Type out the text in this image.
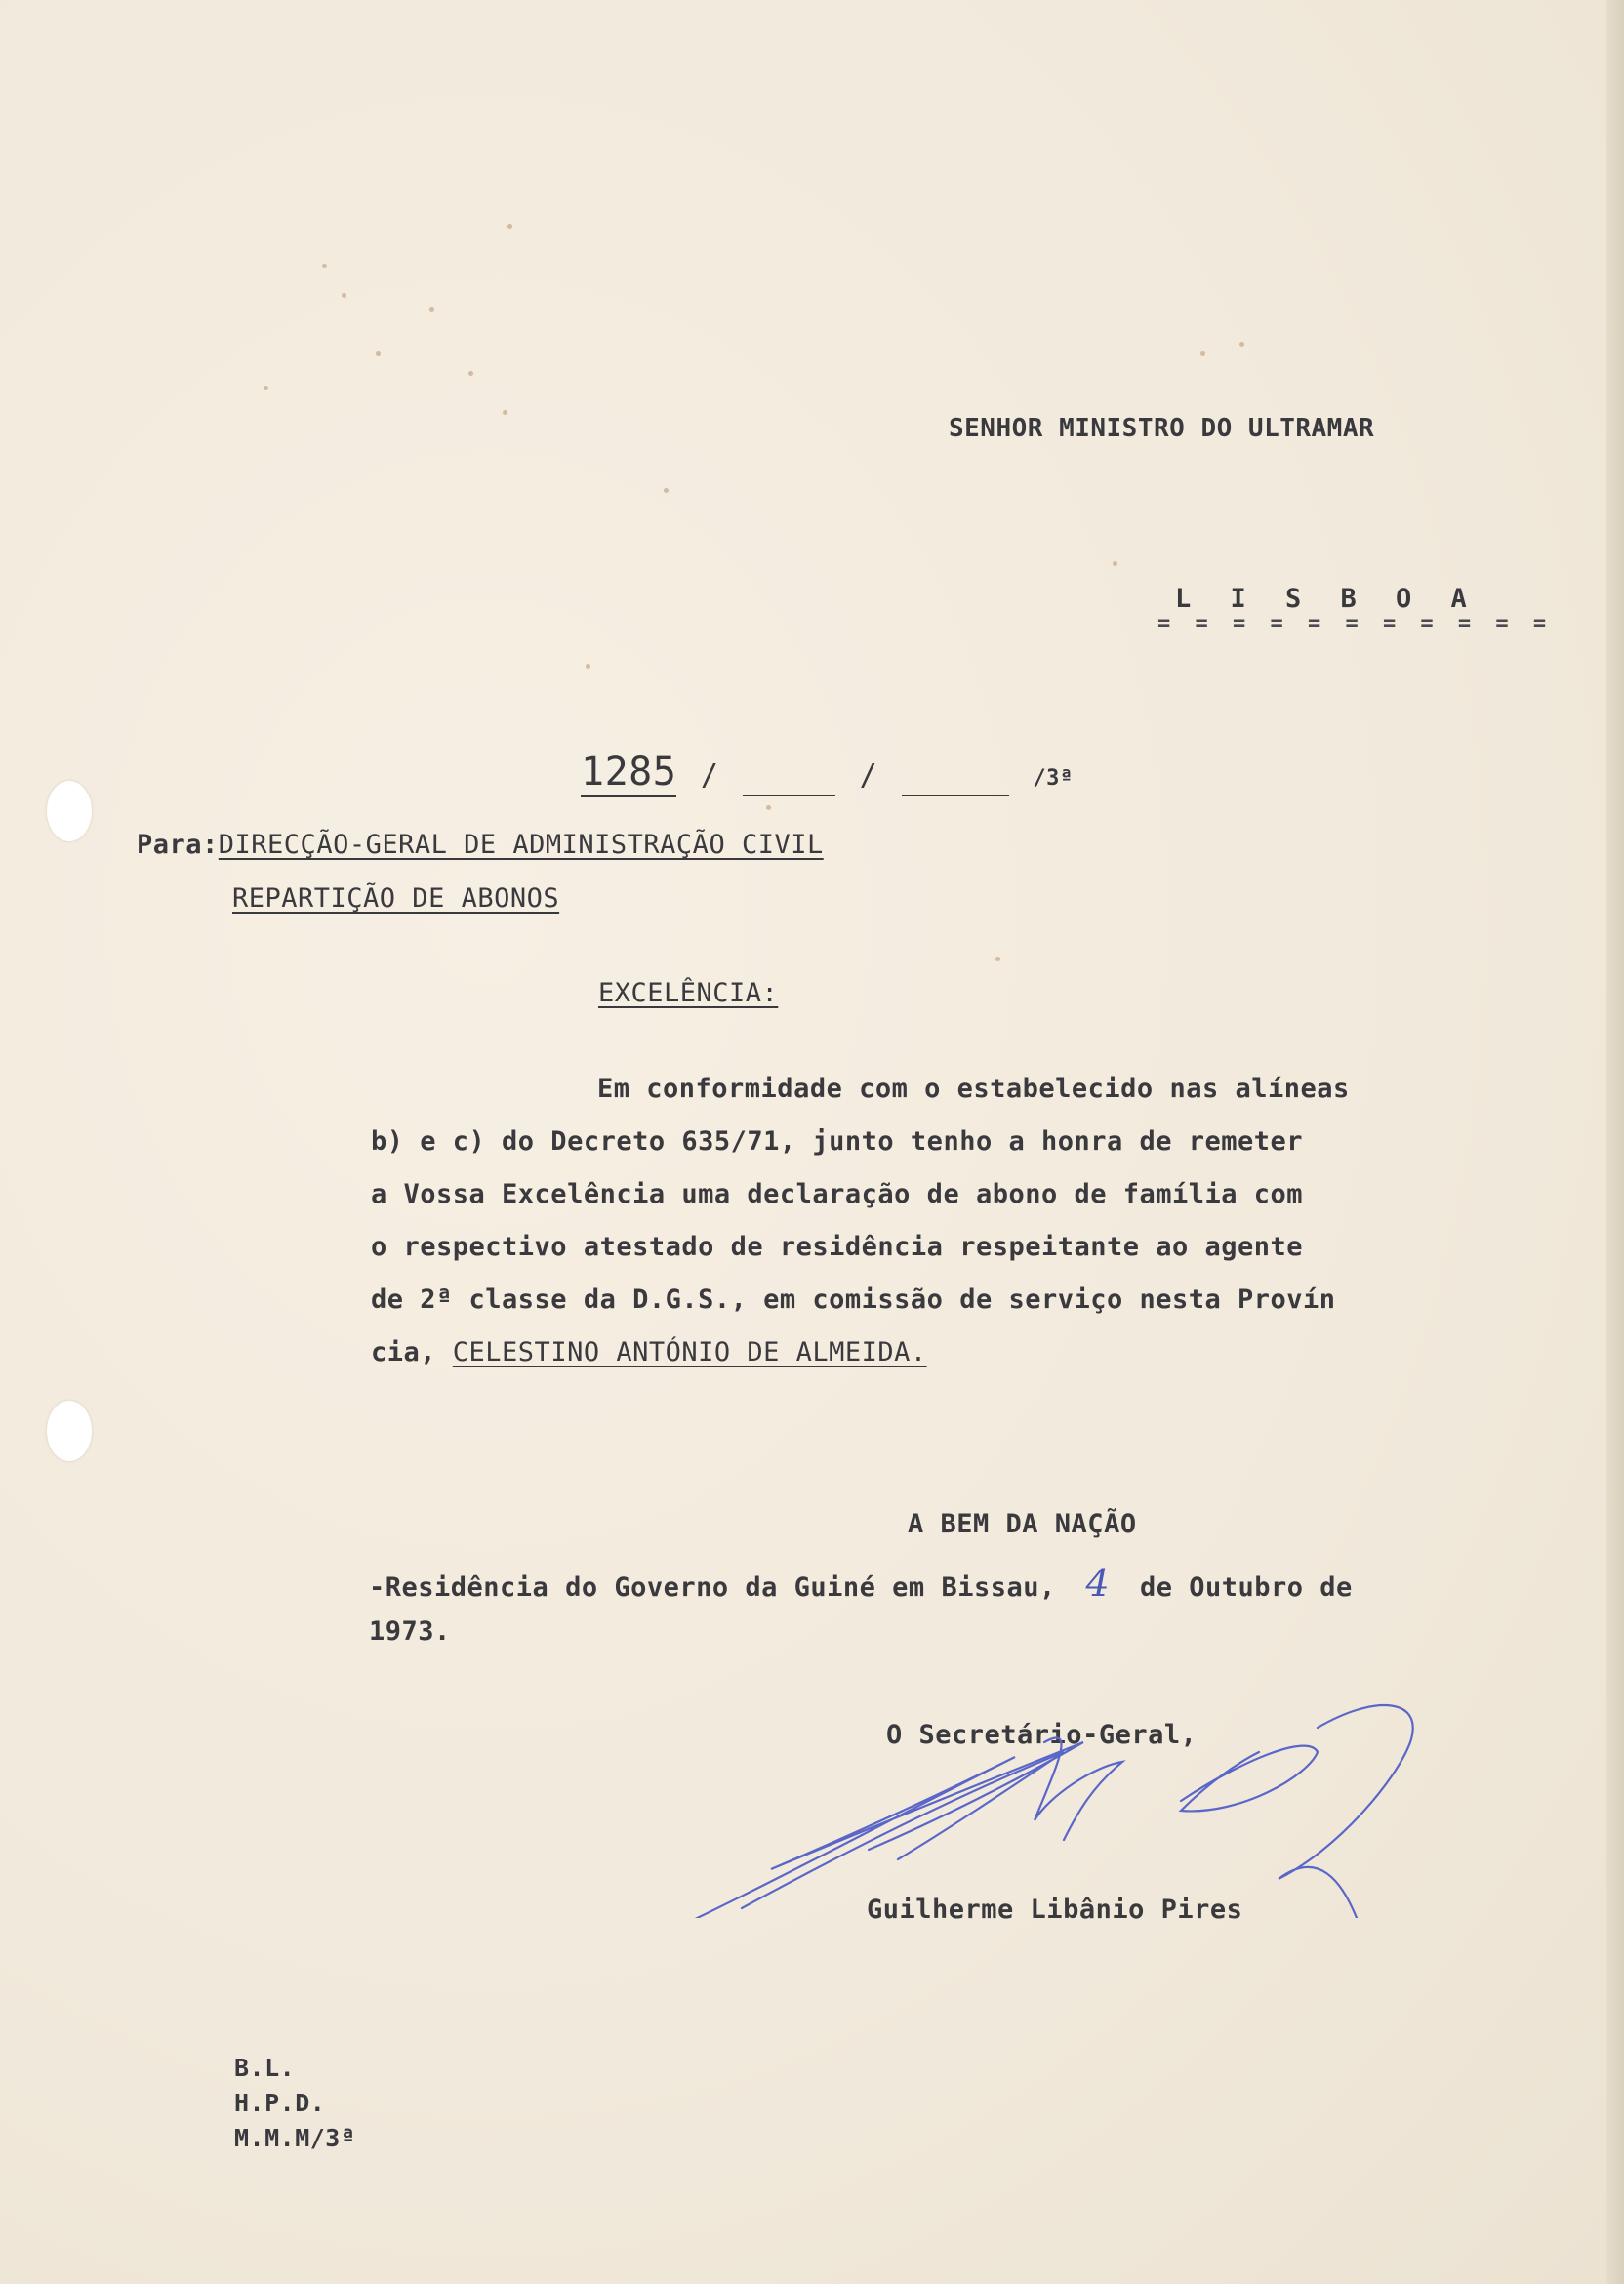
SENHOR MINISTRO DO ULTRAMAR
L I S B O A
= = = = = = = = = = =
1285 /	/	/3ª
Para:DIRECÇÃO-GERAL DE ADMINISTRAÇÃO CIVIL
REPARTIÇÃO DE ABONOS
EXCELÊNCIA:
Em conformidade com o estabelecido nas alíneas
b) e c) do Decreto 635/71, junto tenho a honra de remeter
a Vossa Excelência uma declaração de abono de família com
o respectivo atestado de residência respeitante ao agente
de 2ª classe da D.G.S., em comissão de serviço nesta Provín
cia, CELESTINO ANTÓNIO DE ALMEIDA.
A BEM DA NAÇÃO
-Residência do Governo da Guiné em Bissau, 4 de Outubro de
1973.
O Secretário-Geral,
Guilherme Libânio Pires
B.L.
H.P.D.
M.M.M/3ª
